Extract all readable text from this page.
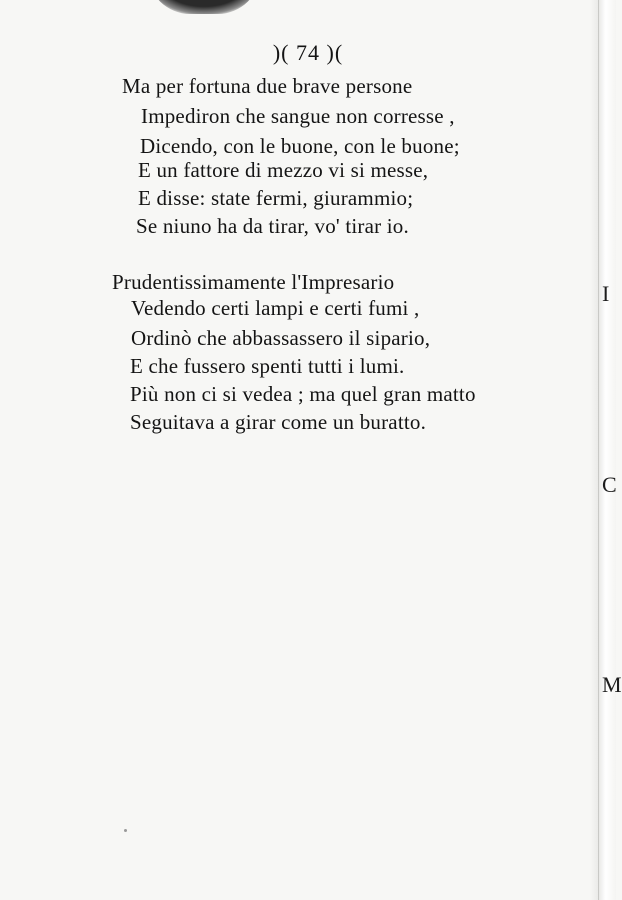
I
C
M
)( 74 )(
Ma per fortuna due brave persone
Impediron che sangue non corresse ,
Dicendo, con le buone, con le buone;
E un fattore di mezzo vi si messe,
E disse: state fermi, giurammio;
Se niuno ha da tirar, vo' tirar io.
Prudentissimamente l'Impresario
Vedendo certi lampi e certi fumi ,
Ordinò che abbassassero il sipario,
E che fussero spenti tutti i lumi.
Più non ci si vedea ; ma quel gran matto
Seguitava a girar come un buratto.
